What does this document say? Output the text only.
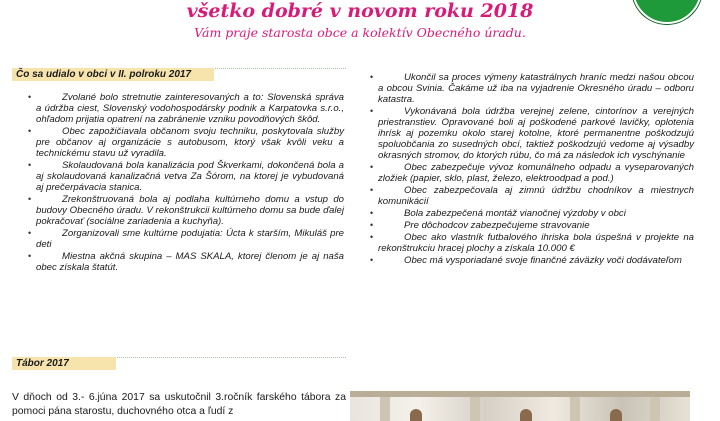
všetko dobré v novom roku 2018
Vám praje starosta obce a kolektív Obecného úradu.
Čo sa udialo v obci v II. polroku 2017
•	Zvolané bolo stretnutie zainteresovaných a to: Slovenská správa a údržba ciest, Slovenský vodohospodársky podnik a Karpatovka s.r.o., ohľadom prijatia opatrení na zabránenie vzniku povodňových škôd.
•	Obec zapožičiavala občanom svoju techniku, poskytovala služby pre občanov aj organizácie s autobusom, ktorý však kvôli veku a technickému stavu už vyradila.
•	Skolaudovaná bola kanalizácia pod Škverkami, dokončená bola a aj skolaudovaná kanalizačná vetva Za Šórom, na ktorej je vybudovaná aj prečerpávacia stanica.
•	Zrekonštruovaná bola aj podlaha kultúrneho domu a vstup do budovy Obecného úradu. V rekonštrukcii kultúrneho domu sa bude ďalej pokračovať (sociálne zariadenia a kuchyňa).
•	Zorganizovali sme kultúrne podujatia: Úcta k starším, Mikuláš pre deti
•	Miestna akčná skupina – MAS SKALA, ktorej členom je aj naša obec získala štatút.
•	Ukončil sa proces výmeny katastrálnych hraníc medzi našou obcou a obcou Svinia. Čakáme už iba na vyjadrenie Okresného úradu – odboru katastra.
•	Vykonávaná bola údržba verejnej zelene, cintorínov a verejných priestranstiev. Opravované boli aj poškodené parkové lavičky, oplotenia ihrísk aj pozemku okolo starej kotolne, ktoré permanentne poškodzujú spoluobčania zo susedných obcí, taktiež poškodzujú vedome aj výsadby okrasných stromov, do ktorých rúbu, čo má za následok ich vyschýnanie
•	Obec zabezpečuje vývoz komunálneho odpadu a vyseparovaných zložiek (papier, sklo, plast, železo, elektroodpad a pod.)
•	Obec zabezpečovala aj zimnú údržbu chodníkov a miestnych komunikácií
•	Bola zabezpečená montáž vianočnej výzdoby v obci
•	Pre dôchodcov zabezpečujeme stravovanie
•	Obec ako vlastník futbalového ihriska bola úspešná v projekte na rekonštrukciu hracej plochy a získala 10.000 €
•	Obec má vysporiadané svoje finančné záväzky voči dodávateľom
Tábor 2017

V dňoch od 3.- 6.júna 2017 sa uskutočnil 3.ročník farského tábora za pomoci pána starostu, duchovného otca a ľudí z
